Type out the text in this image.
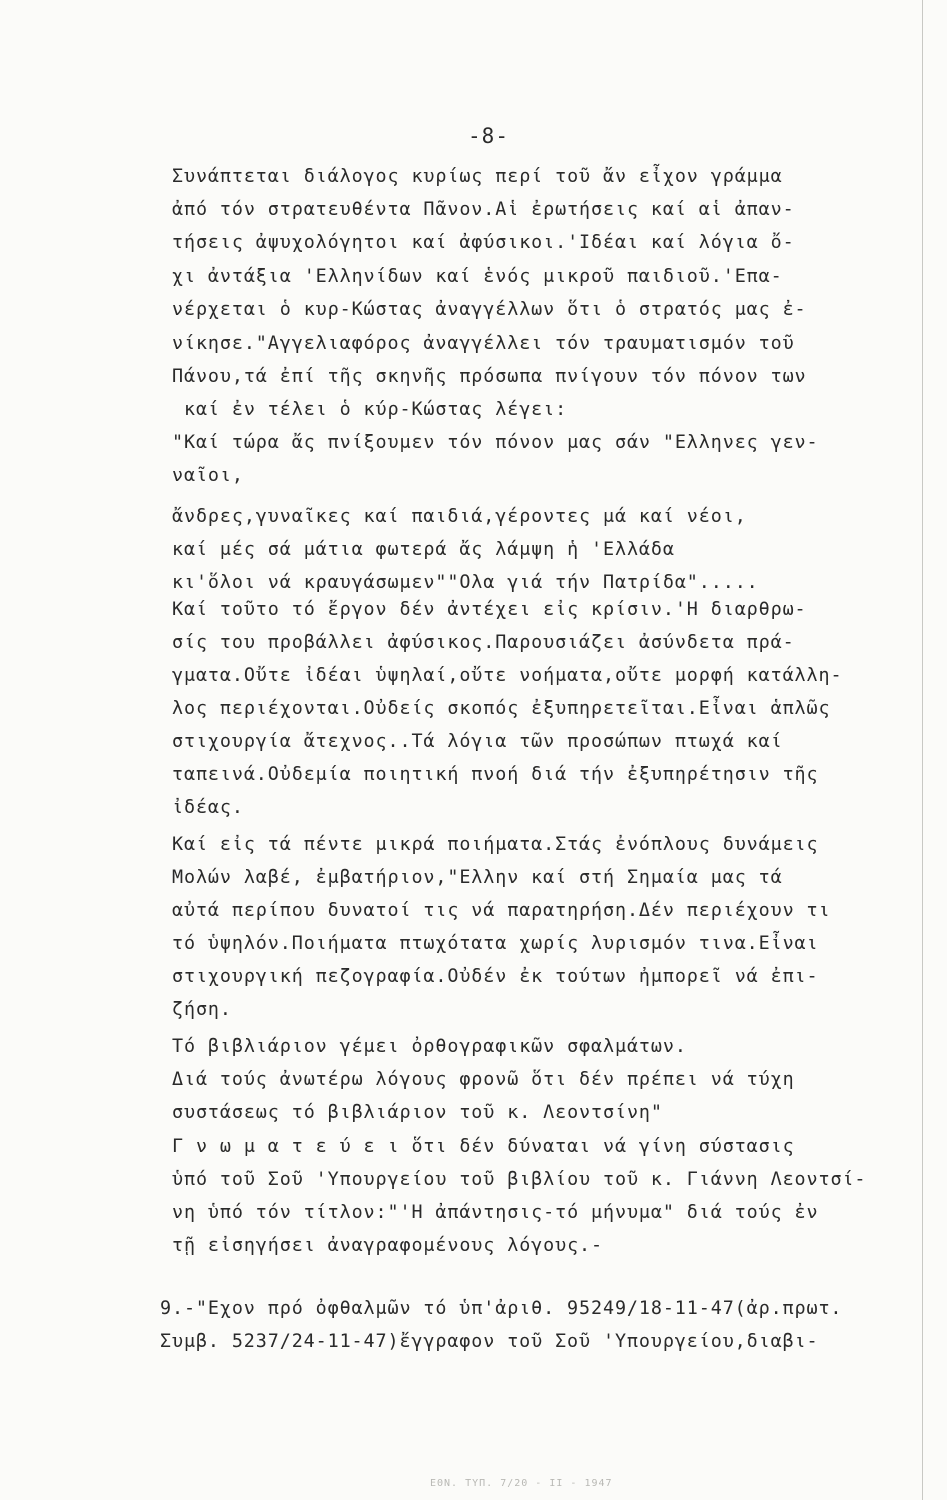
-8-
Συνάπτεται διάλογος κυρίως περί τοῦ ἄν εἶχον γράμμα
ἀπό τόν στρατευθέντα Πᾶνον.Αἱ ἐρωτήσεις καί αἱ ἀπαν-
τήσεις ἀψυχολόγητοι καί ἀφύσικοι.'Ιδέαι καί λόγια ὄ-
χι ἀντάξια 'Ελληνίδων καί ἑνός μικροῦ παιδιοῦ.'Επα-
νέρχεται ὁ κυρ-Κώστας ἀναγγέλλων ὅτι ὁ στρατός μας ἐ-
νίκησε."Αγγελιαφόρος ἀναγγέλλει τόν τραυματισμόν τοῦ
Πάνου,τά ἐπί τῆς σκηνῆς πρόσωπα πνίγουν τόν πόνον των
καί ἐν τέλει ὁ κύρ-Κώστας λέγει:
"Καί τώρα ἄς πνίξουμεν τόν πόνον μας σάν "Ελληνες γεν-
ναῖοι,
ἄνδρες,γυναῖκες καί παιδιά,γέροντες μά καί νέοι,
καί μές σά μάτια φωτερά ἄς λάμψη ἡ 'Ελλάδα
κι'ὅλοι νά κραυγάσωμεν""Ολα γιά τήν Πατρίδα".....
Καί τοῦτο τό ἔργον δέν ἀντέχει εἰς κρίσιν.'Η διαρθρω-
σίς του προβάλλει ἀφύσικος.Παρουσιάζει ἀσύνδετα πρά-
γματα.Οὔτε ἰδέαι ὑψηλαί,οὔτε νοήματα,οὔτε μορφή κατάλλη-
λος περιέχονται.Οὐδείς σκοπός ἐξυπηρετεῖται.Εἶναι ἁπλῶς
στιχουργία ἄτεχνος..Τά λόγια τῶν προσώπων πτωχά καί
ταπεινά.Οὐδεμία ποιητική πνοή διά τήν ἐξυπηρέτησιν τῆς
ἰδέας.
Καί εἰς τά πέντε μικρά ποιήματα.Στάς ἐνόπλους δυνάμεις
Μολών λαβέ, ἐμβατήριον,"Ελλην καί στή Σημαία μας τά
αὐτά περίπου δυνατοί τις νά παρατηρήση.Δέν περιέχουν τι
τό ὑψηλόν.Ποιήματα πτωχότατα χωρίς λυρισμόν τινα.Εἶναι
στιχουργική πεζογραφία.Οὐδέν ἐκ τούτων ἠμπορεῖ νά ἐπι-
ζήση.
Τό βιβλιάριον γέμει ὀρθογραφικῶν σφαλμάτων.
Διά τούς ἀνωτέρω λόγους φρονῶ ὅτι δέν πρέπει νά τύχη
συστάσεως τό βιβλιάριον τοῦ κ. Λεοντσίνη"
Γ ν ω μ α τ ε ύ ε ι ὅτι δέν δύναται νά γίνη σύστασις
ὑπό τοῦ Σοῦ 'Υπουργείου τοῦ βιβλίου τοῦ κ. Γιάννη Λεοντσί-
νη ὑπό τόν τίτλον:"'Η ἀπάντησις-τό μήνυμα" διά τούς ἐν
τῇ εἰσηγήσει ἀναγραφομένους λόγους.-
9.-"Εχον πρό ὀφθαλμῶν τό ὑπ'ἀριθ. 95249/18-11-47(ἀρ.πρωτ.
Συμβ. 5237/24-11-47)ἔγγραφον τοῦ Σοῦ 'Υπουργείου,διαβι-
ΕΘΝ. ΤΥΠ. 7/20 - ΙΙ - 1947
